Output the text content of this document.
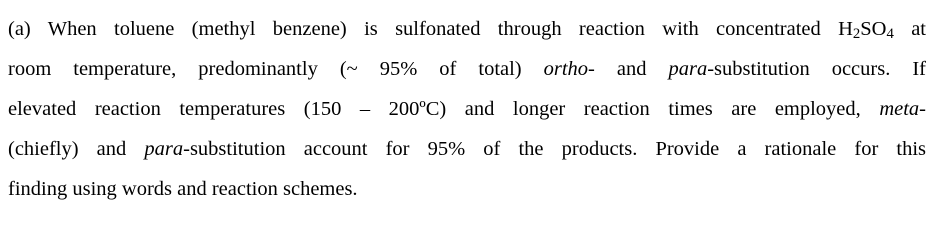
(a) When toluene (methyl benzene) is sulfonated through reaction with concentrated $H_2SO_4$ at
room temperature, predominantly (~ 95% of total) ortho- and para-substitution occurs. If
elevated reaction temperatures (150 – 200ºC) and longer reaction times are employed, meta-
(chiefly) and para-substitution account for 95% of the products. Provide a rationale for this
finding using words and reaction schemes.
